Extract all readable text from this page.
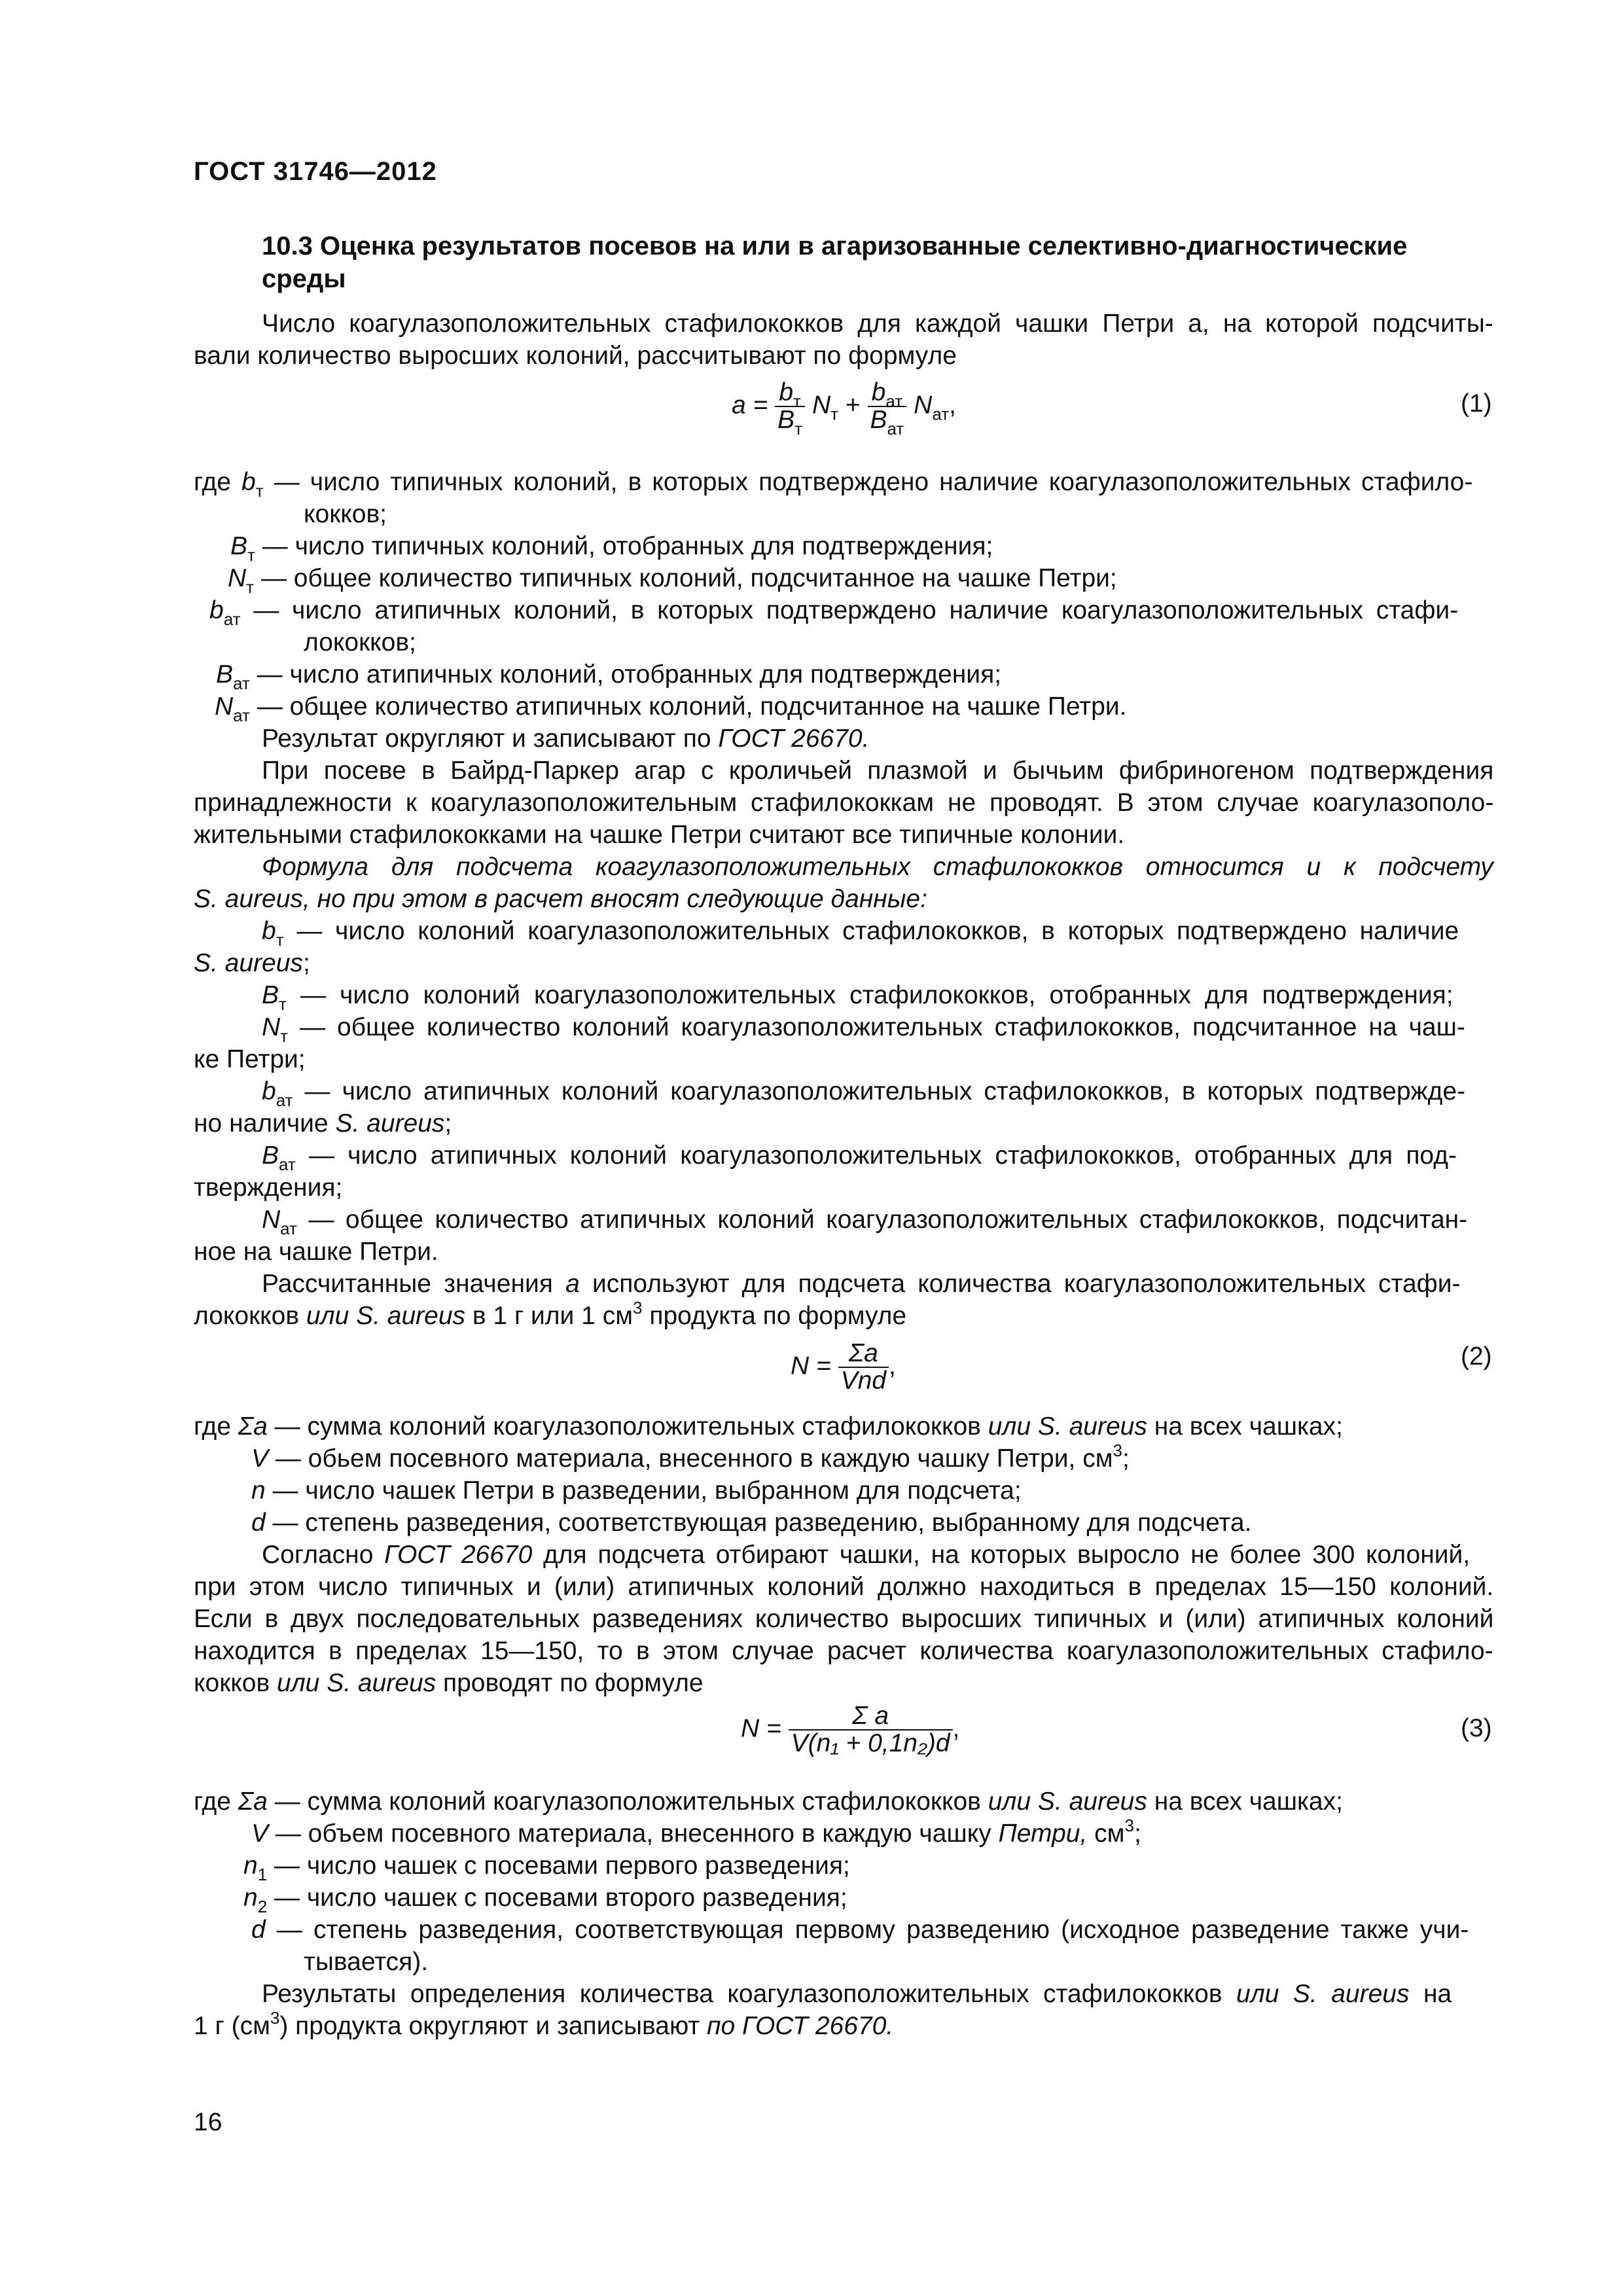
ГОСТ 31746—2012
10.3 Оценка результатов посевов на или в агаризованные селективно-диагностические
среды
Число коагулазоположительных стафилококков для каждой чашки Петри a, на которой подсчиты-
вали количество выросших колоний, рассчитывают по формуле
$a = \frac{b_т}{B_т} N_т + \frac{b_{ат}}{B_{ат}} N_{ат}$,	(1)
где $b_т$ — число типичных колоний, в которых подтверждено наличие коагулазоположительных стафило-
кокков;
$B_т$ — число типичных колоний, отобранных для подтверждения;
$N_т$ — общее количество типичных колоний, подсчитанное на чашке Петри;
$b_{ат}$ — число атипичных колоний, в которых подтверждено наличие коагулазоположительных стафи-
лококков;
$B_{ат}$ — число атипичных колоний, отобранных для подтверждения;
$N_{ат}$ — общее количество атипичных колоний, подсчитанное на чашке Петри.
Результат округляют и записывают по ГОСТ 26670.
При посеве в Байрд-Паркер агар с кроличьей плазмой и бычьим фибриногеном подтверждения
принадлежности к коагулазоположительным стафилококкам не проводят. В этом случае коагулазополо-
жительными стафилококками на чашке Петри считают все типичные колонии.
Формула для подсчета коагулазоположительных стафилококков относится и к подсчету
S. aureus, но при этом в расчет вносят следующие данные:
$b_т$ — число колоний коагулазоположительных стафилококков, в которых подтверждено наличие
S. aureus;
$B_т$ — число колоний коагулазоположительных стафилококков, отобранных для подтверждения;
$N_т$ — общее количество колоний коагулазоположительных стафилококков, подсчитанное на чаш-
ке Петри;
$b_{ат}$ — число атипичных колоний коагулазоположительных стафилококков, в которых подтвержде-
но наличие S. aureus;
$B_{ат}$ — число атипичных колоний коагулазоположительных стафилококков, отобранных для под-
тверждения;
$N_{ат}$ — общее количество атипичных колоний коагулазоположительных стафилококков, подсчитан-
ное на чашке Петри.
Рассчитанные значения a используют для подсчета количества коагулазоположительных стафи-
лококков или S. aureus в 1 г или 1 $см^3$ продукта по формуле
$N = \frac{\Sigma a}{\text{Vnd}}$ ,	(2)
где Σa — сумма колоний коагулазоположительных стафилококков или S. aureus на всех чашках;
V — обьем посевного материала, внесенного в каждую чашку Петри, $см^3$;
n — число чашек Петри в разведении, выбранном для подсчета;
d — степень разведения, соответствующая разведению, выбранному для подсчета.
Согласно ГОСТ 26670 для подсчета отбирают чашки, на которых выросло не более 300 колоний,
при этом число типичных и (или) атипичных колоний должно находиться в пределах 15—150 колоний.
Если в двух последовательных разведениях количество выросших типичных и (или) атипичных колоний
находится в пределах 15—150, то в этом случае расчет количества коагулазоположительных стафило-
кокков или S. aureus проводят по формуле
$N = \frac{\text{Σ a}}{\text{V(n₁ + 0,1n₂)d}}$ ,	(3)
где Σa — сумма колоний коагулазоположительных стафилококков или S. aureus на всех чашках;
V — объем посевного материала, внесенного в каждую чашку Петри, $см^3$;
$n_1$ — число чашек с посевами первого разведения;
$n_2$ — число чашек с посевами второго разведения;
d — степень разведения, соответствующая первому разведению (исходное разведение также учи-
тывается).
Результаты определения количества коагулазоположительных стафилококков или S. aureus на
1 г $(см^3)$ продукта округляют и записывают по ГОСТ 26670.
16
